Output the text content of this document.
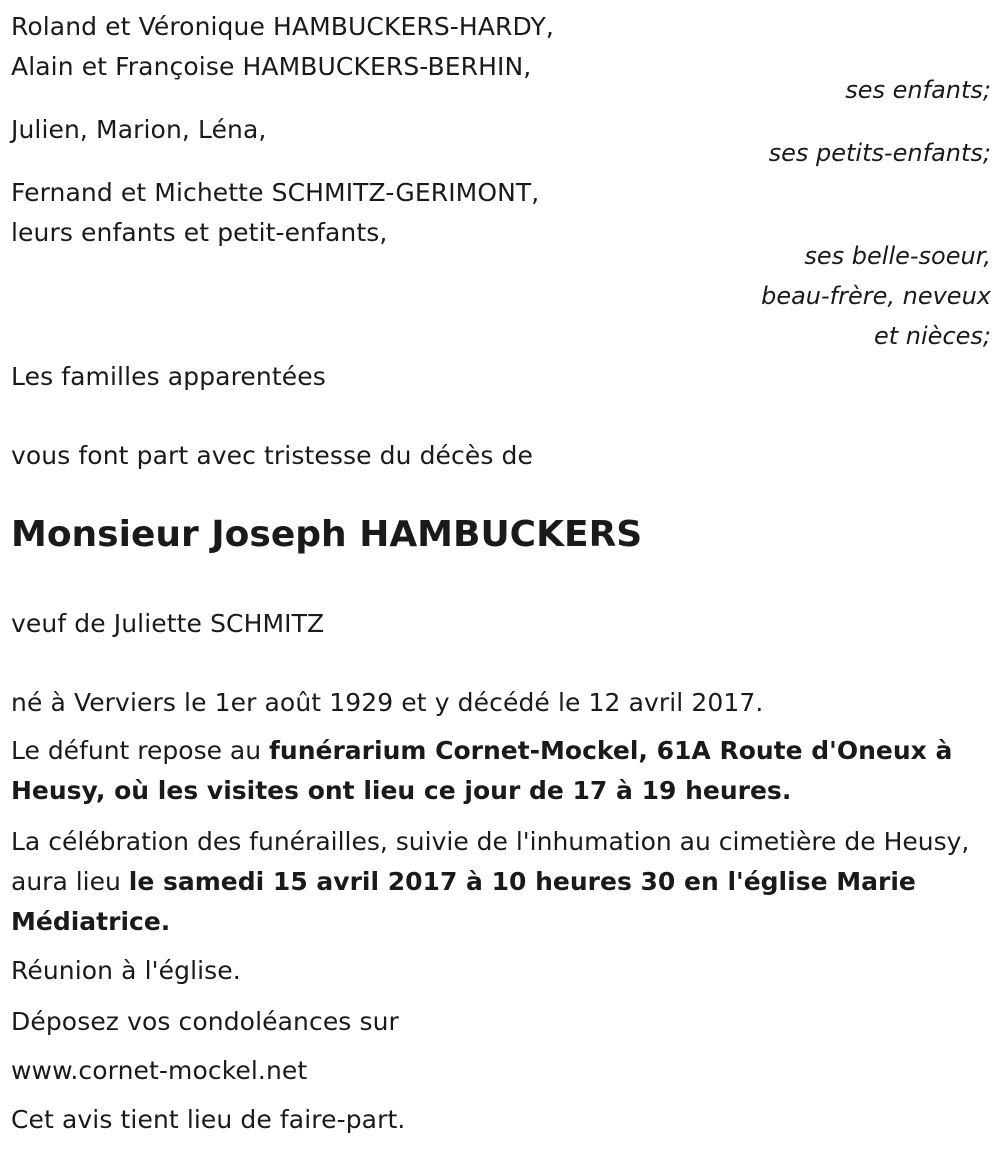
Roland et Véronique HAMBUCKERS-HARDY,
Alain et Françoise HAMBUCKERS-BERHIN,
ses enfants;
Julien, Marion, Léna,
ses petits-enfants;
Fernand et Michette SCHMITZ-GERIMONT,
leurs enfants et petit-enfants,
ses belle-soeur,
beau-frère, neveux
et nièces;
Les familles apparentées
vous font part avec tristesse du décès de
Monsieur Joseph HAMBUCKERS
veuf de Juliette SCHMITZ
né à Verviers le 1er août 1929 et y décédé le 12 avril 2017.
Le défunt repose au funérarium Cornet-Mockel, 61A Route d'Oneux à Heusy, où les visites ont lieu ce jour de 17 à 19 heures.
La célébration des funérailles, suivie de l'inhumation au cimetière de Heusy, aura lieu le samedi 15 avril 2017 à 10 heures 30 en l'église Marie Médiatrice.
Réunion à l'église.
Déposez vos condoléances sur
www.cornet-mockel.net
Cet avis tient lieu de faire-part.
